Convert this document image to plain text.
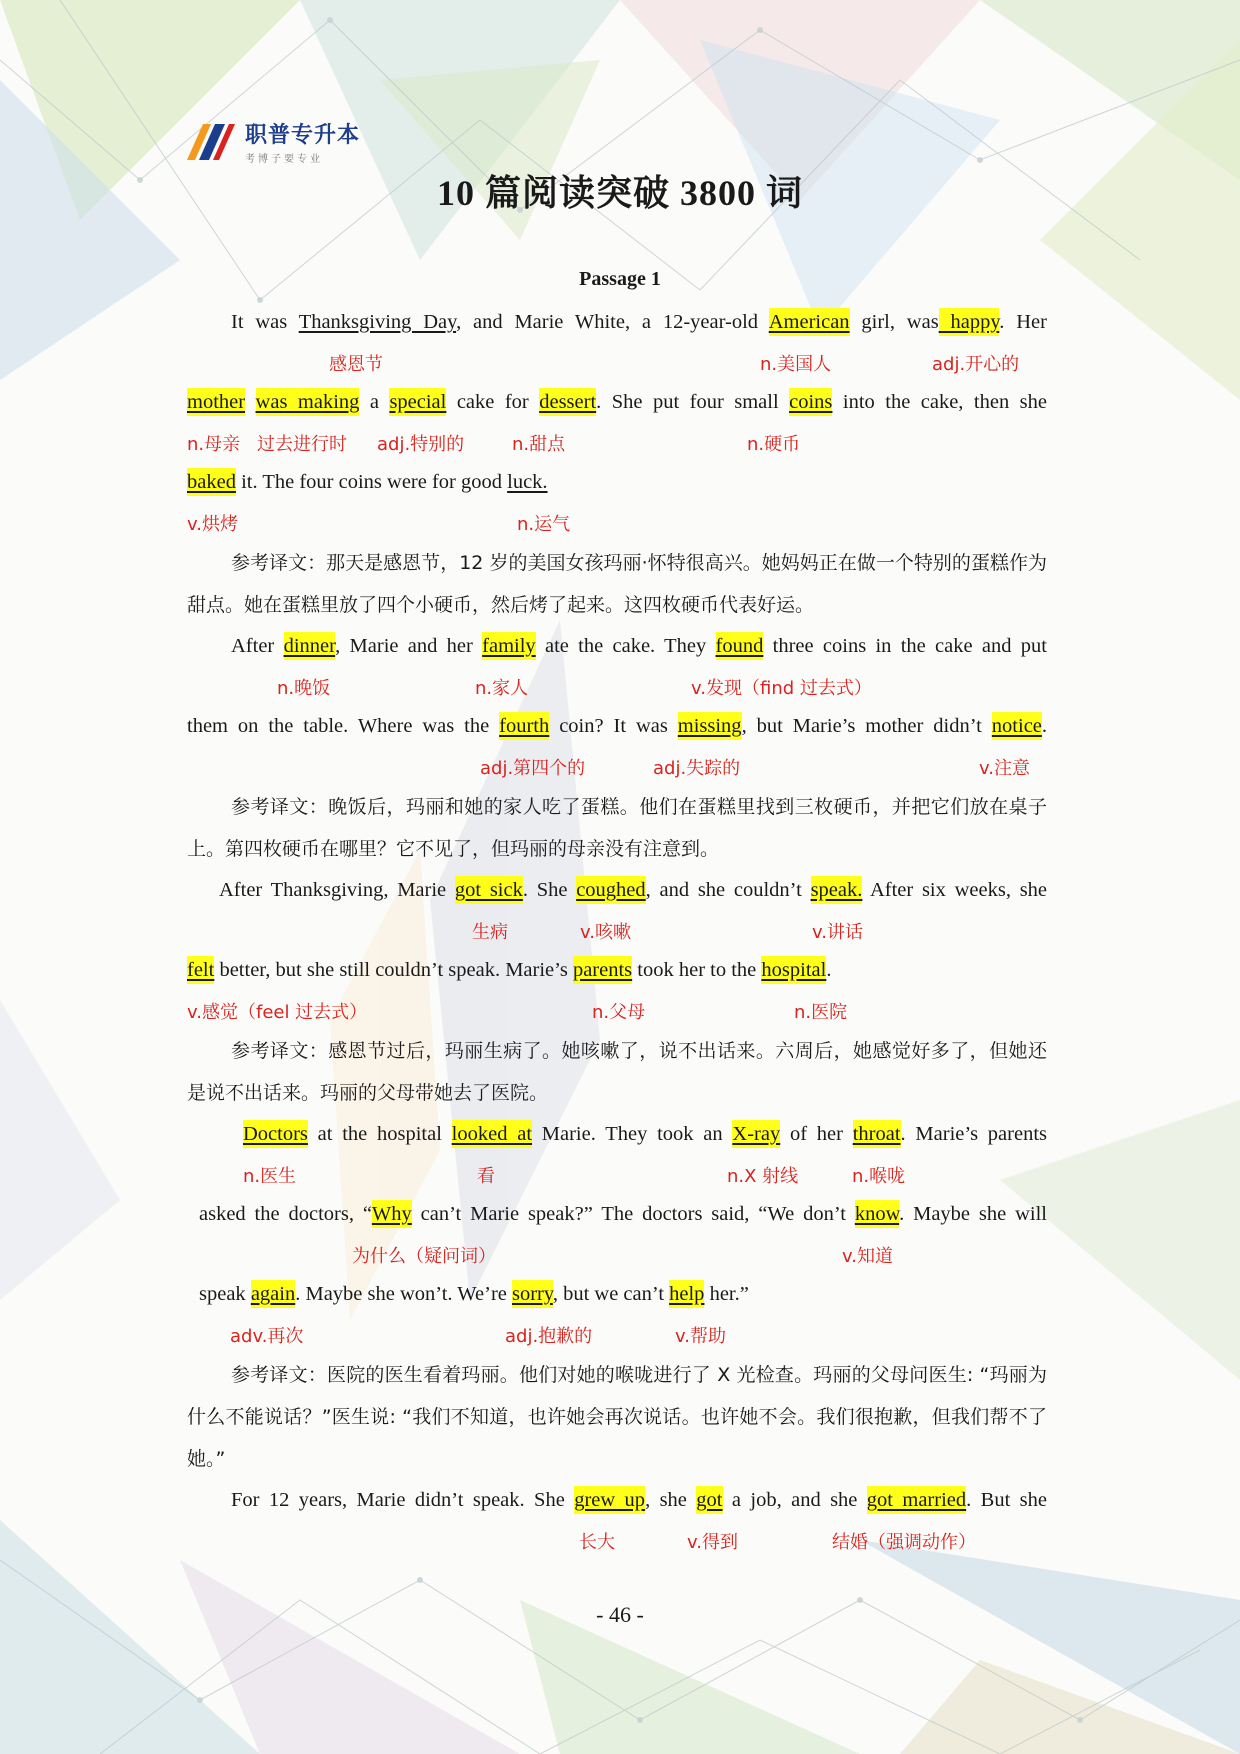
职普专升本
考博子要专业
10 篇阅读突破 3800 词
Passage 1
It was Thanksgiving Day, and Marie White, a 12-year-old American girl, was happy. Her
感恩节	n.美国人	adj.开心的
mother was making a special cake for dessert. She put four small coins into the cake, then she
n.母亲 过去进行时 adj.特别的	n.甜点	n.硬币
baked it. The four coins were for good luck.
v.烘烤	n.运气
参考译文：那天是感恩节，12 岁的美国女孩玛丽·怀特很高兴。她妈妈正在做一个特别的蛋糕作为甜点。她在蛋糕里放了四个小硬币，然后烤了起来。这四枚硬币代表好运。
After dinner, Marie and her family ate the cake. They found three coins in the cake and put
n.晚饭	n.家人	v.发现（find 过去式）
them on the table. Where was the fourth coin? It was missing, but Marie’s mother didn’t notice.
adj.第四个的	adj.失踪的	v.注意
参考译文：晚饭后，玛丽和她的家人吃了蛋糕。他们在蛋糕里找到三枚硬币，并把它们放在桌子上。第四枚硬币在哪里？它不见了，但玛丽的母亲没有注意到。
After Thanksgiving, Marie got sick. She coughed, and she couldn’t speak. After six weeks, she
生病	v.咳嗽	v.讲话
felt better, but she still couldn’t speak. Marie’s parents took her to the hospital.
v.感觉（feel 过去式）	n.父母	n.医院
参考译文：感恩节过后，玛丽生病了。她咳嗽了，说不出话来。六周后，她感觉好多了，但她还是说不出话来。玛丽的父母带她去了医院。
Doctors at the hospital looked at Marie. They took an X-ray of her throat. Marie’s parents
n.医生	看	n.X 射线	n.喉咙
asked the doctors, “Why can’t Marie speak?” The doctors said, “We don’t know. Maybe she will
为什么（疑问词）	v.知道
speak again. Maybe she won’t. We’re sorry, but we can’t help her.”
adv.再次	adj.抱歉的	v.帮助
参考译文：医院的医生看着玛丽。他们对她的喉咙进行了 X 光检查。玛丽的父母问医生: “玛丽为什么不能说话？”医生说: “我们不知道，也许她会再次说话。也许她不会。我们很抱歉，但我们帮不了她。”
For 12 years, Marie didn’t speak. She grew up, she got a job, and she got married. But she
长大	v.得到	结婚（强调动作）
- 46 -
